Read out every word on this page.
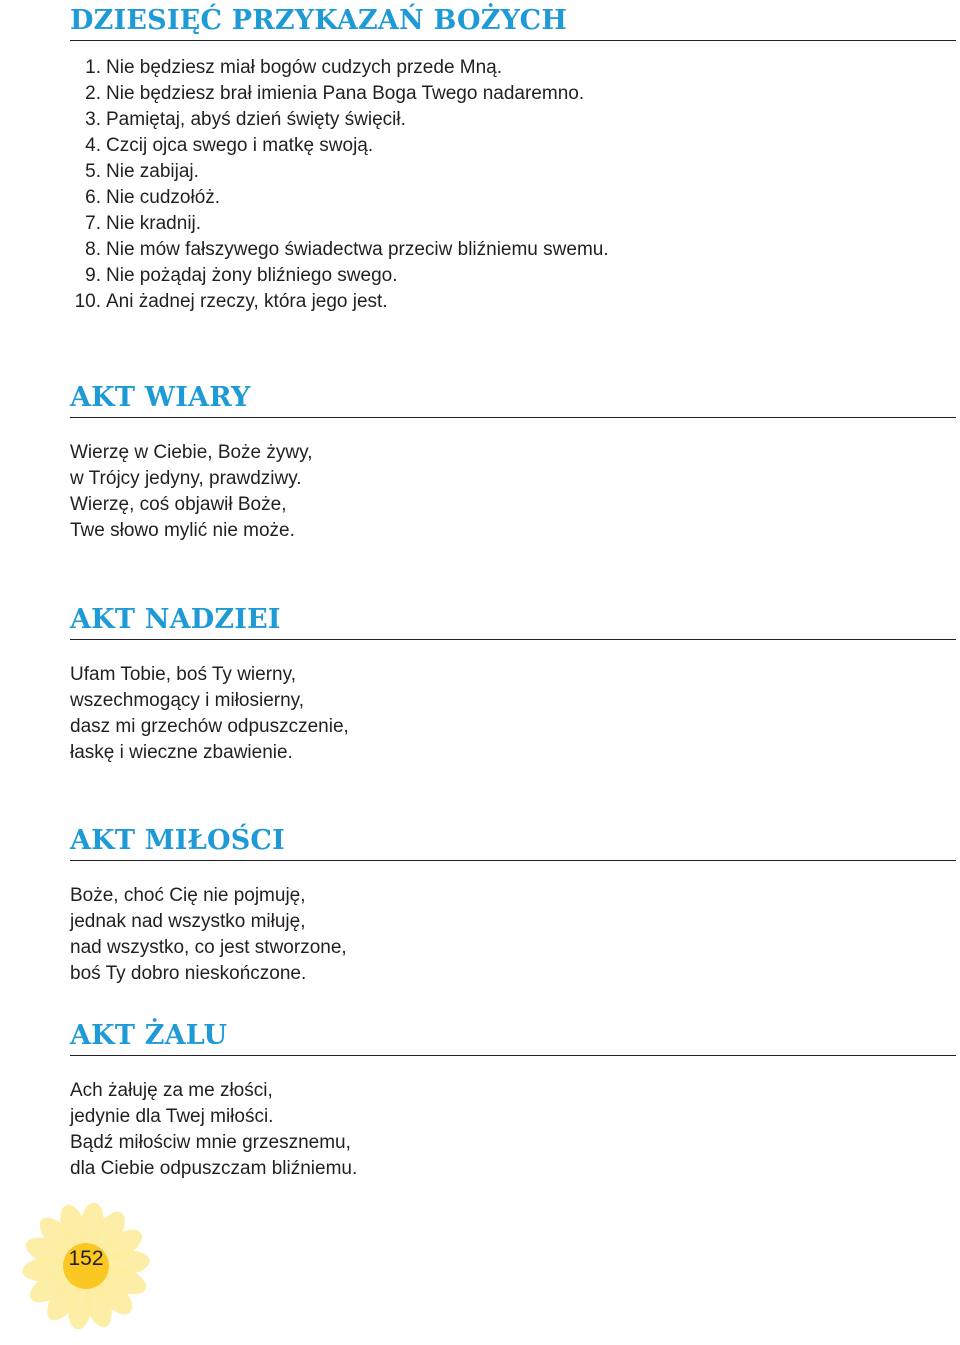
DZIESIĘĆ PRZYKAZAŃ BOŻYCH
1. Nie będziesz miał bogów cudzych przede Mną.
2. Nie będziesz brał imienia Pana Boga Twego nadaremno.
3. Pamiętaj, abyś dzień święty święcił.
4. Czcij ojca swego i matkę swoją.
5. Nie zabijaj.
6. Nie cudzołóż.
7. Nie kradnij.
8. Nie mów fałszywego świadectwa przeciw bliźniemu swemu.
9. Nie pożądaj żony bliźniego swego.
10. Ani żadnej rzeczy, która jego jest.
AKT WIARY
Wierzę w Ciebie, Boże żywy,
w Trójcy jedyny, prawdziwy.
Wierzę, coś objawił Boże,
Twe słowo mylić nie może.
AKT NADZIEI
Ufam Tobie, boś Ty wierny,
wszechmogący i miłosierny,
dasz mi grzechów odpuszczenie,
łaskę i wieczne zbawienie.
AKT MIŁOŚCI
Boże, choć Cię nie pojmuję,
jednak nad wszystko miłuję,
nad wszystko, co jest stworzone,
boś Ty dobro nieskończone.
AKT ŻALU
Ach żałuję za me złości,
jedynie dla Twej miłości.
Bądź miłościw mnie grzesznemu,
dla Ciebie odpuszczam bliźniemu.
152
